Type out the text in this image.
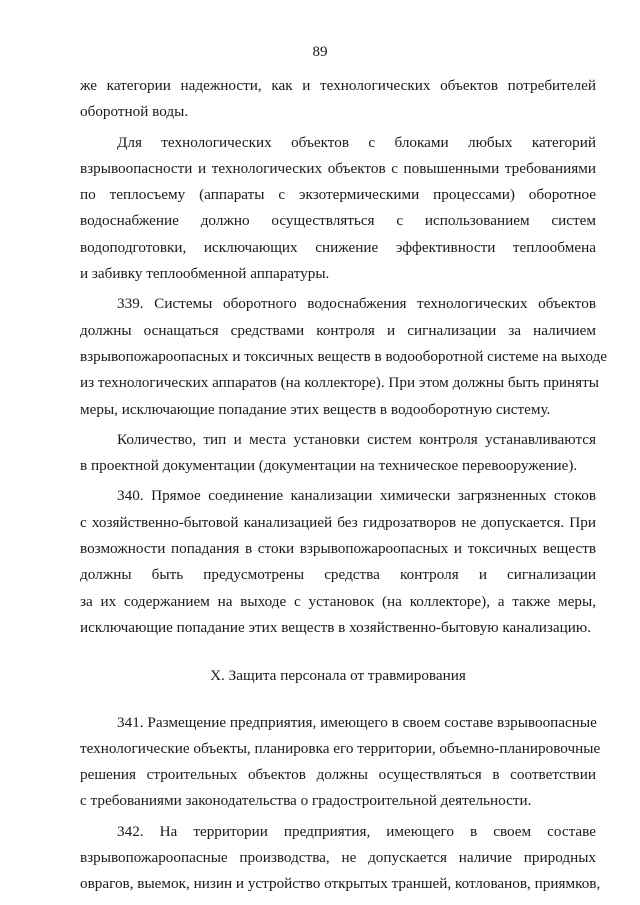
89
же категории надежности, как и технологических объектов потребителей
оборотной воды.
Для технологических объектов с блоками любых категорий
взрывоопасности и технологических объектов с повышенными требованиями
по теплосъему (аппараты с экзотермическими процессами) оборотное
водоснабжение должно осуществляться с использованием систем
водоподготовки, исключающих снижение эффективности теплообмена
и забивку теплообменной аппаратуры.
339. Системы оборотного водоснабжения технологических объектов
должны оснащаться средствами контроля и сигнализации за наличием
взрывопожароопасных и токсичных веществ в водооборотной системе на выходе
из технологических аппаратов (на коллекторе). При этом должны быть приняты
меры, исключающие попадание этих веществ в водооборотную систему.
Количество, тип и места установки систем контроля устанавливаются
в проектной документации (документации на техническое перевооружение).
340. Прямое соединение канализации химически загрязненных стоков
с хозяйственно-бытовой канализацией без гидрозатворов не допускается. При
возможности попадания в стоки взрывопожароопасных и токсичных веществ
должны быть предусмотрены средства контроля и сигнализации
за их содержанием на выходе с установок (на коллекторе), а также меры,
исключающие попадание этих веществ в хозяйственно-бытовую канализацию.
X. Защита персонала от травмирования
341. Размещение предприятия, имеющего в своем составе взрывоопасные
технологические объекты, планировка его территории, объемно-планировочные
решения строительных объектов должны осуществляться в соответствии
с требованиями законодательства о градостроительной деятельности.
342. На территории предприятия, имеющего в своем составе
взрывопожароопасные производства, не допускается наличие природных
оврагов, выемок, низин и устройство открытых траншей, котлованов, приямков,
